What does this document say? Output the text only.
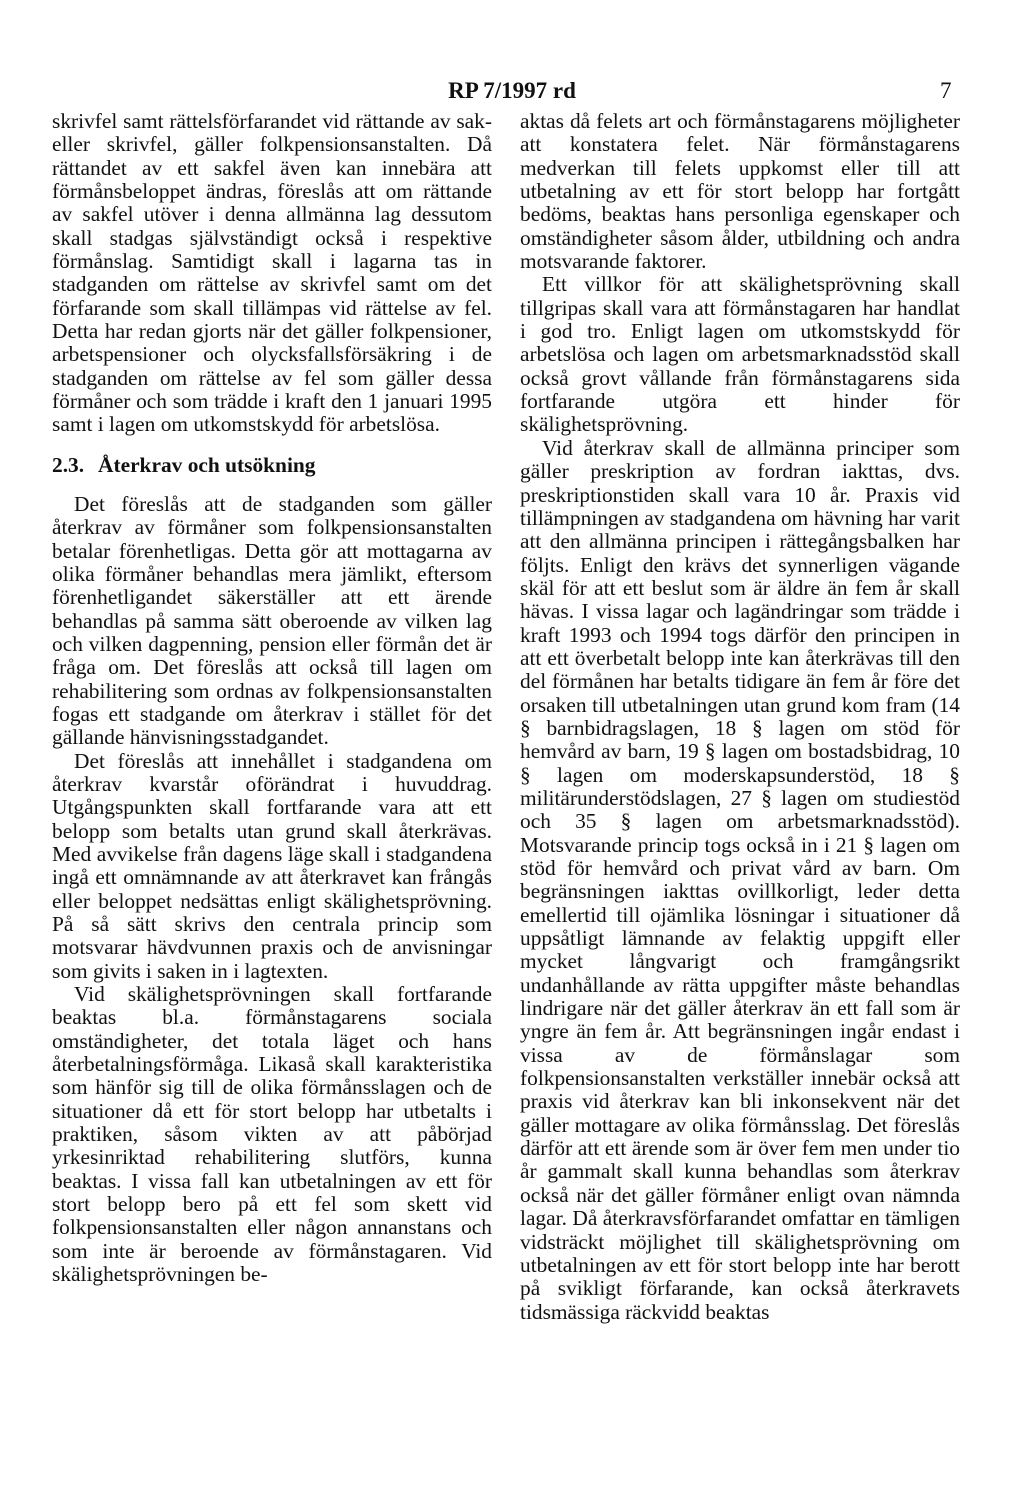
RP 7/1997 rd	7

skrivfel samt rättelsförfarandet vid rättande av sak- eller skrivfel, gäller folkpensionsanstalten. Då rättandet av ett sakfel även kan innebära att förmånsbeloppet ändras, föreslås att om rättande av sakfel utöver i denna allmänna lag dessutom skall stadgas självständigt också i respektive förmånslag. Samtidigt skall i lagarna tas in stadganden om rättelse av skrivfel samt om det förfarande som skall tillämpas vid rättelse av fel. Detta har redan gjorts när det gäller folkpensioner, arbetspensioner och olycksfallsförsäkring i de stadganden om rättelse av fel som gäller dessa förmåner och som trädde i kraft den 1 januari 1995 samt i lagen om utkomstskydd för arbetslösa.

2.3. Återkrav och utsökning

Det föreslås att de stadganden som gäller återkrav av förmåner som folkpensionsanstalten betalar förenhetligas. Detta gör att mottagarna av olika förmåner behandlas mera jämlikt, eftersom förenhetligandet säkerställer att ett ärende behandlas på samma sätt oberoende av vilken lag och vilken dagpenning, pension eller förmån det är fråga om. Det föreslås att också till lagen om rehabilitering som ordnas av folkpensionsanstalten fogas ett stadgande om återkrav i stället för det gällande hänvisningsstadgandet.

Det föreslås att innehållet i stadgandena om återkrav kvarstår oförändrat i huvuddrag. Utgångspunkten skall fortfarande vara att ett belopp som betalts utan grund skall återkrävas. Med avvikelse från dagens läge skall i stadgandena ingå ett omnämnande av att återkravet kan frångås eller beloppet nedsättas enligt skälighetsprövning. På så sätt skrivs den centrala princip som motsvarar hävdvunnen praxis och de anvisningar som givits i saken in i lagtexten.

Vid skälighetsprövningen skall fortfarande beaktas bl.a. förmånstagarens sociala omständigheter, det totala läget och hans återbetalningsförmåga. Likaså skall karakteristika som hänför sig till de olika förmånsslagen och de situationer då ett för stort belopp har utbetalts i praktiken, såsom vikten av att påbörjad yrkesinriktad rehabilitering slutförs, kunna beaktas. I vissa fall kan utbetalningen av ett för stort belopp bero på ett fel som skett vid folkpensionsanstalten eller någon annanstans och som inte är beroende av förmånstagaren. Vid skälighetsprövningen be-

aktas då felets art och förmånstagarens möjligheter att konstatera felet. När förmånstagarens medverkan till felets uppkomst eller till att utbetalning av ett för stort belopp har fortgått bedöms, beaktas hans personliga egenskaper och omständigheter såsom ålder, utbildning och andra motsvarande faktorer.

Ett villkor för att skälighetsprövning skall tillgripas skall vara att förmånstagaren har handlat i god tro. Enligt lagen om utkomstskydd för arbetslösa och lagen om arbetsmarknadsstöd skall också grovt vållande från förmånstagarens sida fortfarande utgöra ett hinder för skälighetsprövning.

Vid återkrav skall de allmänna principer som gäller preskription av fordran iakttas, dvs. preskriptionstiden skall vara 10 år. Praxis vid tillämpningen av stadgandena om hävning har varit att den allmänna principen i rättegångsbalken har följts. Enligt den krävs det synnerligen vägande skäl för att ett beslut som är äldre än fem år skall hävas. I vissa lagar och lagändringar som trädde i kraft 1993 och 1994 togs därför den principen in att ett överbetalt belopp inte kan återkrävas till den del förmånen har betalts tidigare än fem år före det orsaken till utbetalningen utan grund kom fram (14 § barnbidragslagen, 18 § lagen om stöd för hemvård av barn, 19 § lagen om bostadsbidrag, 10 § lagen om moderskapsunderstöd, 18 § militärunderstödslagen, 27 § lagen om studiestöd och 35 § lagen om arbetsmarknadsstöd). Motsvarande princip togs också in i 21 § lagen om stöd för hemvård och privat vård av barn. Om begränsningen iakttas ovillkorligt, leder detta emellertid till ojämlika lösningar i situationer då uppsåtligt lämnande av felaktig uppgift eller mycket långvarigt och framgångsrikt undanhållande av rätta uppgifter måste behandlas lindrigare när det gäller återkrav än ett fall som är yngre än fem år. Att begränsningen ingår endast i vissa av de förmånslagar som folkpensionsanstalten verkställer innebär också att praxis vid återkrav kan bli inkonsekvent när det gäller mottagare av olika förmånsslag. Det föreslås därför att ett ärende som är över fem men under tio år gammalt skall kunna behandlas som återkrav också när det gäller förmåner enligt ovan nämnda lagar. Då återkravsförfarandet omfattar en tämligen vidsträckt möjlighet till skälighetsprövning om utbetalningen av ett för stort belopp inte har berott på svikligt förfarande, kan också återkravets tidsmässiga räckvidd beaktas
